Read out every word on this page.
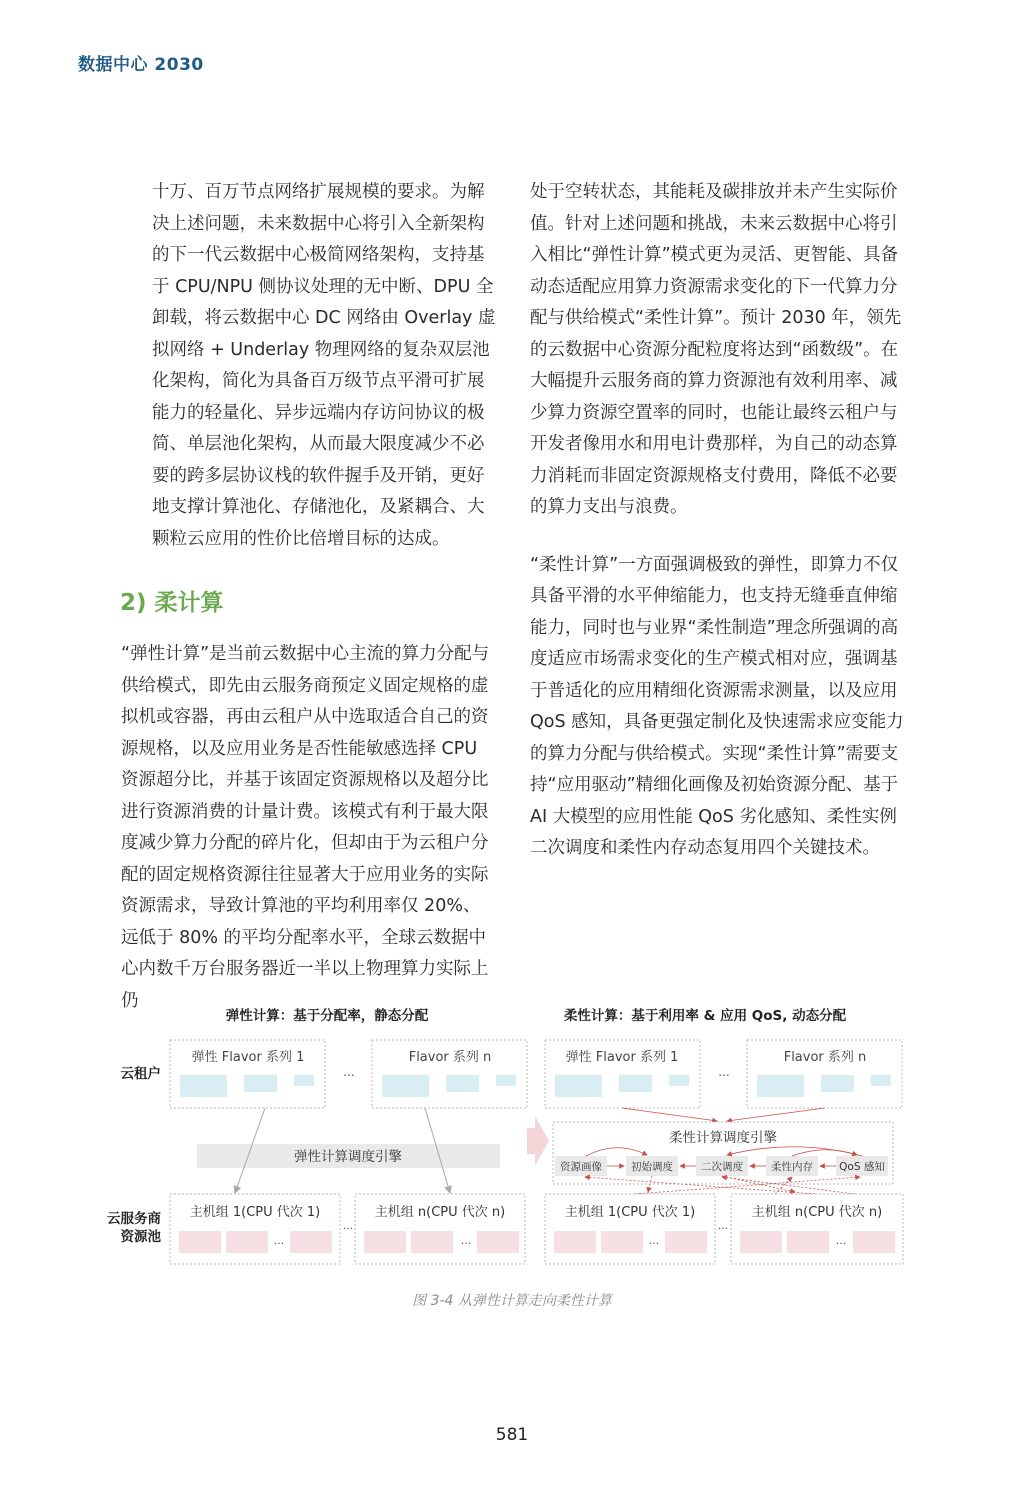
数据中心 2030

十万、百万节点网络扩展规模的要求。为解决上述问题，未来数据中心将引入全新架构的下一代云数据中心极简网络架构，支持基于 CPU/NPU 侧协议处理的无中断、DPU 全卸载，将云数据中心 DC 网络由 Overlay 虚拟网络 + Underlay 物理网络的复杂双层池化架构，简化为具备百万级节点平滑可扩展能力的轻量化、异步远端内存访问协议的极简、单层池化架构，从而最大限度减少不必要的跨多层协议栈的软件握手及开销，更好地支撑计算池化、存储池化，及紧耦合、大颗粒云应用的性价比倍增目标的达成。

2) 柔计算

“弹性计算”是当前云数据中心主流的算力分配与供给模式，即先由云服务商预定义固定规格的虚拟机或容器，再由云租户从中选取适合自己的资源规格，以及应用业务是否性能敏感选择 CPU 资源超分比，并基于该固定资源规格以及超分比进行资源消费的计量计费。该模式有利于最大限度减少算力分配的碎片化，但却由于为云租户分配的固定规格资源往往显著大于应用业务的实际资源需求，导致计算池的平均利用率仅 20%、远低于 80% 的平均分配率水平，全球云数据中心内数千万台服务器近一半以上物理算力实际上仍

处于空转状态，其能耗及碳排放并未产生实际价值。针对上述问题和挑战，未来云数据中心将引入相比“弹性计算”模式更为灵活、更智能、具备动态适配应用算力资源需求变化的下一代算力分配与供给模式“柔性计算”。预计 2030 年，领先的云数据中心资源分配粒度将达到“函数级”。在大幅提升云服务商的算力资源池有效利用率、减少算力资源空置率的同时，也能让最终云租户与开发者像用水和用电计费那样，为自己的动态算力消耗而非固定资源规格支付费用，降低不必要的算力支出与浪费。

“柔性计算”一方面强调极致的弹性，即算力不仅具备平滑的水平伸缩能力，也支持无缝垂直伸缩能力，同时也与业界“柔性制造”理念所强调的高度适应市场需求变化的生产模式相对应，强调基于普适化的应用精细化资源需求测量，以及应用 QoS 感知，具备更强定制化及快速需求应变能力的算力分配与供给模式。实现“柔性计算”需要支持“应用驱动”精细化画像及初始资源分配、基于 AI 大模型的应用性能 QoS 劣化感知、柔性实例二次调度和柔性内存动态复用四个关键技术。

弹性计算：基于分配率，静态分配	柔性计算：基于利用率 & 应用 QoS, 动态分配
云租户
云服务商
资源池
弹性 Flavor 系列 1
...
Flavor 系列 n
弹性计算调度引擎
主机组 1(CPU 代次 1)
...
...
主机组 n(CPU 代次 n)
...
弹性 Flavor 系列 1
...
Flavor 系列 n
柔性计算调度引擎
资源画像	初始调度	二次调度	柔性内存 QoS 感知
主机组 1(CPU 代次 1)
...
...
主机组 n(CPU 代次 n)
...
图 3-4 从弹性计算走向柔性计算
581
